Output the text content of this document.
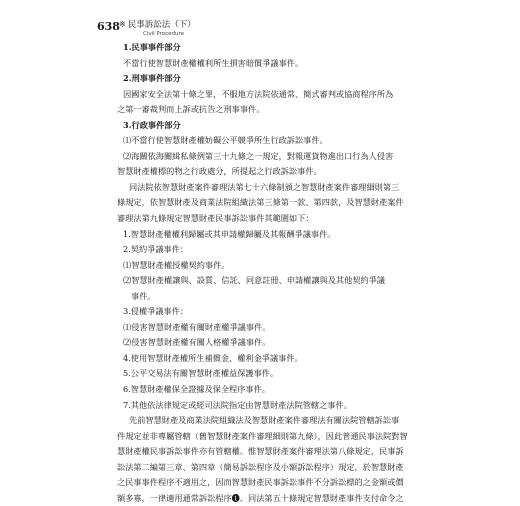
638 ※ 民事訴訟法（下）
Civil Procedure
1.民事事件部分
不當行使智慧財產權權利所生損害賠償爭議事件。
2.刑事事件部分
因國家安全法第十條之罪，不服地方法院依通常、簡式審判或協商程序所為
之第一審裁判而上訴或抗告之刑事事件。
3.行政事件部分
⑴不當行使智慧財產權妨礙公平競爭所生行政訴訟事件。
⑵海關依海關緝私條例第三十九條之一規定，對報運貨物進出口行為人侵害
智慧財產權標的物之行政處分，所提起之行政訴訟事件。
同法院依智慧財產案件審理法第七十六條制頒之智慧財產案件審理細則第三
條規定，依智慧財產及商業法院組織法第三條第一款、第四款，及智慧財產案件
審理法第九條規定智慧財產民事訴訟事件其範圍如下：
1.智慧財產權權利歸屬或其申請權歸屬及其報酬爭議事件。
2.契約爭議事件：
⑴智慧財產權授權契約事件。
⑵智慧財產權讓與、設質、信託、同意註冊、申請權讓與及其他契約爭議
事件。
3.侵權爭議事件：
⑴侵害智慧財產權有關財產權爭議事件。
⑵侵害智慧財產權有關人格權爭議事件。
4.使用智慧財產權所生補償金、權利金爭議事件。
5.公平交易法有關智慧財產權益保護事件。
6.智慧財產權保全證據及保全程序事件。
7.其他依法律規定或經司法院指定由智慧財產法院管轄之事件。
先前智慧財產及商業法院組織法及智慧財產案件審理法有關法院管轄訴訟事
件規定並非專屬管轄（舊智慧財產案件審理細則第九條），因此普通民事法院對智
慧財產權民事訴訟事件亦有管轄權。惟智慧財產案件審理法第八條規定，民事訴
訟法第二編第三章、第四章（簡易訴訟程序及小額訴訟程序）規定，於智慧財產
之民事事件程序不適用之，因而智慧財產民事訴訟事件不分訴訟標的之金額或價
額多寡，一律適用通常訴訟程序❶。同法第五十條規定智慧財產事件支付命令之
